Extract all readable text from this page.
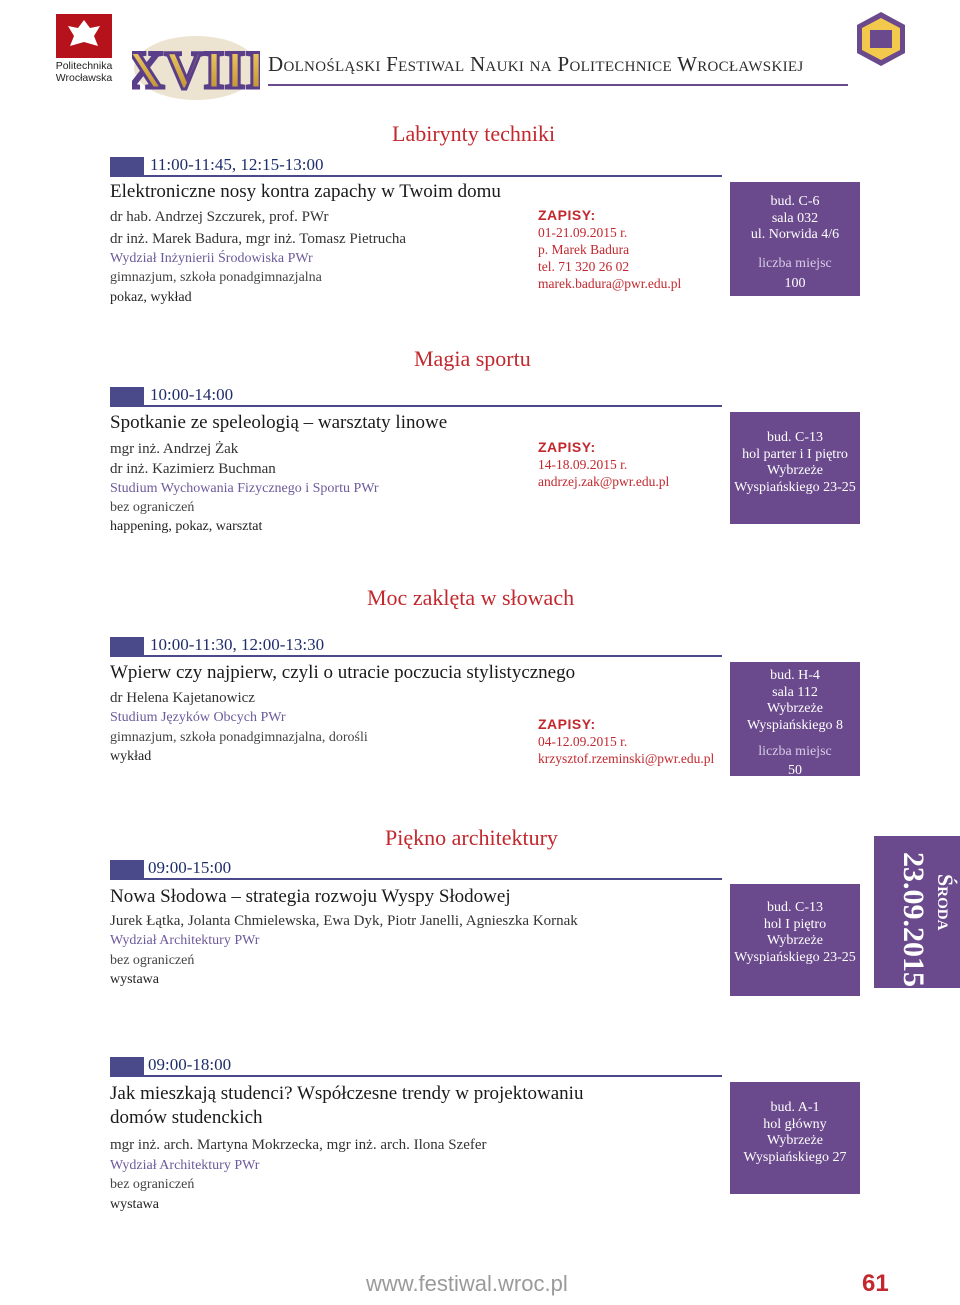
Politechnika Wrocławska XVIII Dolnośląski Festiwal Nauki na Politechnice Wrocławskiej
Labirynty techniki
11:00-11:45, 12:15-13:00
Elektroniczne nosy kontra zapachy w Twoim domu
dr hab. Andrzej Szczurek, prof. PWr
dr inż. Marek Badura, mgr inż. Tomasz Pietrucha
Wydział Inżynierii Środowiska PWr
gimnazjum, szkoła ponadgimnazjalna
pokaz, wykład
ZAPISY:
01-21.09.2015 r.
p. Marek Badura
tel. 71 320 26 02
marek.badura@pwr.edu.pl
bud. C-6
sala 032
ul. Norwida 4/6
liczba miejsc
100
Magia sportu
10:00-14:00
Spotkanie ze speleologią – warsztaty linowe
mgr inż. Andrzej Żak
dr inż. Kazimierz Buchman
Studium Wychowania Fizycznego i Sportu PWr
bez ograniczeń
happening, pokaz, warsztat
ZAPISY:
14-18.09.2015 r.
andrzej.zak@pwr.edu.pl
bud. C-13
hol parter i I piętro
Wybrzeże
Wyspiańskiego 23-25
Moc zaklęta w słowach
10:00-11:30, 12:00-13:30
Wpierw czy najpierw, czyli o utracie poczucia stylistycznego
dr Helena Kajetanowicz
Studium Języków Obcych PWr
gimnazjum, szkoła ponadgimnazjalna, dorośli
wykład
ZAPISY:
04-12.09.2015 r.
krzysztof.rzeminski@pwr.edu.pl
bud. H-4
sala 112
Wybrzeże
Wyspiańskiego 8
liczba miejsc
50
Piękno architektury
09:00-15:00
Nowa Słodowa – strategia rozwoju Wyspy Słodowej
Jurek Łątka, Jolanta Chmielewska, Ewa Dyk, Piotr Janelli, Agnieszka Kornak
Wydział Architektury PWr
bez ograniczeń
wystawa
bud. C-13
hol I piętro
Wybrzeże
Wyspiańskiego 23-25 23.09.2015 Środa
09:00-18:00
Jak mieszkają studenci? Współczesne trendy w projektowaniu
domów studenckich
mgr inż. arch. Martyna Mokrzecka, mgr inż. arch. Ilona Szefer
Wydział Architektury PWr
bez ograniczeń
wystawa
bud. A-1
hol główny
Wybrzeże
Wyspiańskiego 27
www.festiwal.wroc.pl	61
